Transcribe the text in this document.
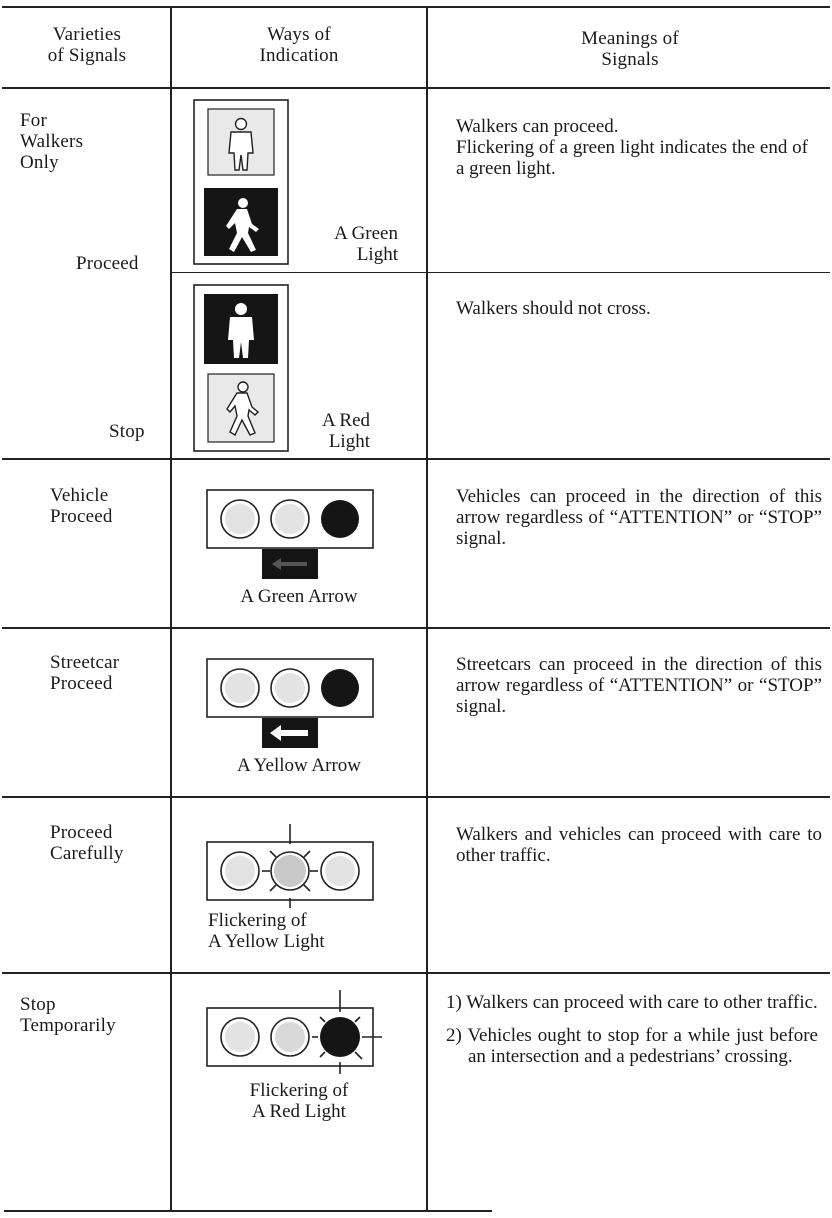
Varieties
of Signals
Ways of
Indication
Meanings of
Signals
For
Walkers
Only
Proceed
Stop
A Green
Light
A Red
Light
Walkers can proceed.
Flickering of a green light indicates the end of a green light.
Walkers should not cross.
Vehicle
Proceed
A Green Arrow
Vehicles can proceed in the direction of this arrow regardless of “ATTENTION” or “STOP” signal.
Streetcar
Proceed
A Yellow Arrow
Streetcars can proceed in the direction of this arrow regardless of “ATTENTION” or “STOP” signal.
Proceed
Carefully
Flickering of
A Yellow Light
Walkers and vehicles can proceed with care to other traffic.
Stop
Temporarily
Flickering of
A Red Light
1) Walkers can proceed with care to other traffic.
2) Vehicles ought to stop for a while just before an intersection and a pedestrians’ crossing.
